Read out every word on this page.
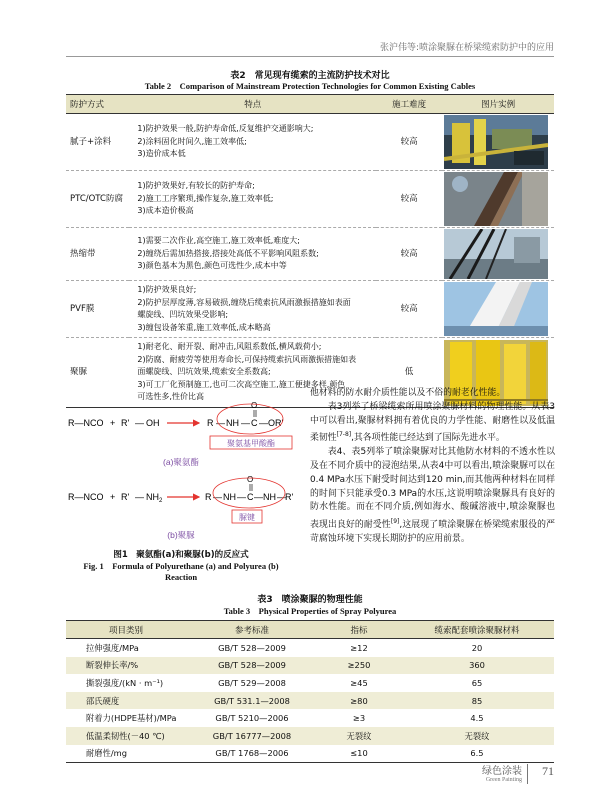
张沪伟等:喷涂聚脲在桥梁缆索防护中的应用
表2　常见现有缆索的主流防护技术对比
Table 2　Comparison of Mainstream Protection Technologies for Common Existing Cables
防护方式	特点	施工难度	图片实例
腻子+涂料	1)防护效果一般,防护寿命低,反复维护交通影响大;
2)涂料固化时间久,施工效率低;
3)造价成本低	较高	

PTC/OTC防腐	1)防护效果好,有较长的防护寿命;
2)施工工序繁琐,操作复杂,施工效率低;
3)成本造价极高	较高	

热缩带	1)需要二次作业,高空施工,施工效率低,难度大;
2)缠绕后需加热搭接,搭接处高低不平影响风阻系数;
3)颜色基本为黑色,颜色可选性少,成本中等	较高	

PVF膜	1)防护效果良好;
2)防护层厚度薄,容易破损,缠绕后缆索抗风雨激振措施如表面
螺旋线、凹坑效果受影响;
3)缠包设备笨重,施工效率低,成本略高	较高	

聚脲	1)耐老化、耐开裂、耐冲击,风阻系数低,横风载荷小;
2)防腐、耐疲劳等使用寿命长,可保持缆索抗风雨激振措施如表
面螺旋线、凹坑效果,缆索安全系数高;
3)可工厂化预制施工,也可二次高空施工,施工便捷多样,颜色
可选性多,性价比高	低	
R—NCO + R' — OH	R — NH — C — OR'
O
聚氨基甲酸酯
(a)聚氨酯
R—NCO + R' — $NH_2$	R — NH — C — NH — R'
O
脲键
(b)聚脲
图1　聚氨酯(a)和聚脲(b)的反应式
Fig. 1　Formula of Polyurethane (a) and Polyurea (b)
Reaction

他材料的防水耐介质性能以及不俗的耐老化性能。

表3列举了桥梁缆索所用喷涂聚脲材料的物理性能。从表3中可以看出,聚脲材料拥有着优良的力学性能、耐磨性以及低温柔韧性[7-8],其各项性能已经达到了国际先进水平。

表4、表5列举了喷涂聚脲对比其他防水材料的不透水性以及在不同介质中的浸泡结果,从表4中可以看出,喷涂聚脲可以在0.4 MPa水压下耐受时间达到120 min,而其他两种材料在同样的时间下只能承受0.3 MPa的水压,这说明喷涂聚脲具有良好的防水性能。而在不同介质,例如海水、酸碱溶液中,喷涂聚脲也表现出良好的耐受性[9],这展现了喷涂聚脲在桥梁缆索服役的严苛腐蚀环境下实现长期防护的应用前景。

表3　喷涂聚脲的物理性能
Table 3　Physical Properties of Spray Polyurea
项目类别	参考标准	指标	缆索配套喷涂聚脲材料
拉伸强度/MPa	GB/T 528—2009	≥12	20
断裂伸长率/%	GB/T 528—2009	≥250	360
撕裂强度/(kN · m⁻¹)	GB/T 529—2008	≥45	65
邵氏硬度	GB/T 531.1—2008	≥80	85
附着力(HDPE基材)/MPa	GB/T 5210—2006	≥3	4.5
低温柔韧性(－40 ℃)	GB/T 16777—2008	无裂纹	无裂纹
耐磨性/mg	GB/T 1768—2006	≤10	6.5
绿色涂装
Green Painting
71
